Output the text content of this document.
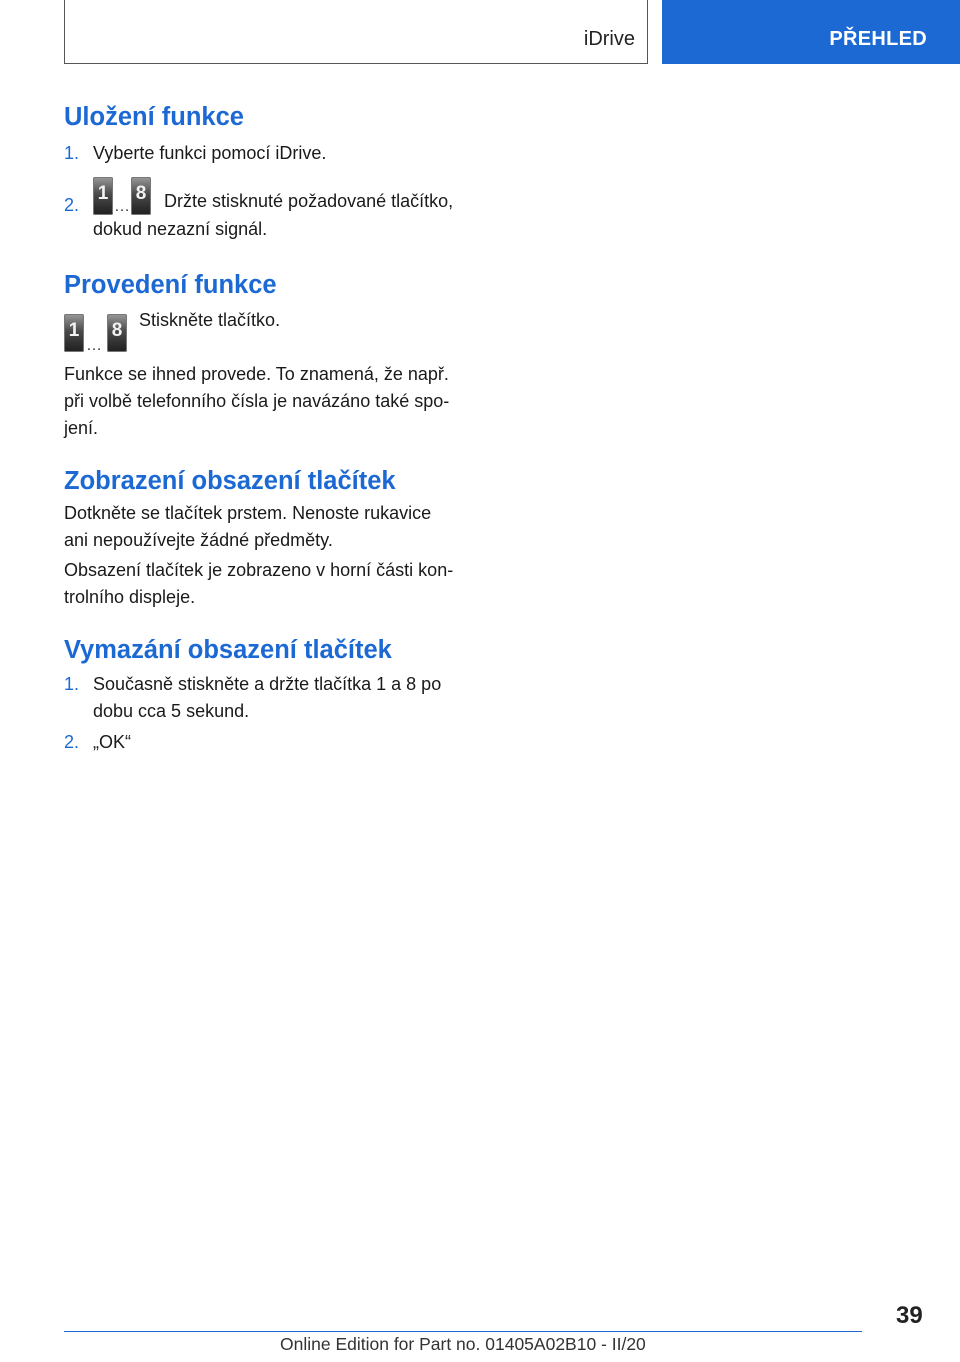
iDrive	PŘEHLED
Uložení funkce
1. Vyberte funkci pomocí iDrive.
2.
1
…
8 Držte stisknuté požadované tlačítko,
dokud nezazní signál.
Provedení funkce
1
…
8 Stiskněte tlačítko.

Funkce se ihned provede. To znamená, že např.

při volbě telefonního čísla je navázáno také spo‐

jení.

Zobrazení obsazení tlačítek

Dotkněte se tlačítek prstem. Nenoste rukavice

ani nepoužívejte žádné předměty.

Obsazení tlačítek je zobrazeno v horní části kon‐

trolního displeje.

Vymazání obsazení tlačítek
1. Současně stiskněte a držte tlačítka 1 a 8 po
dobu cca 5 sekund.
2. „OK“
39
Online Edition for Part no. 01405A02B10 - II/20
